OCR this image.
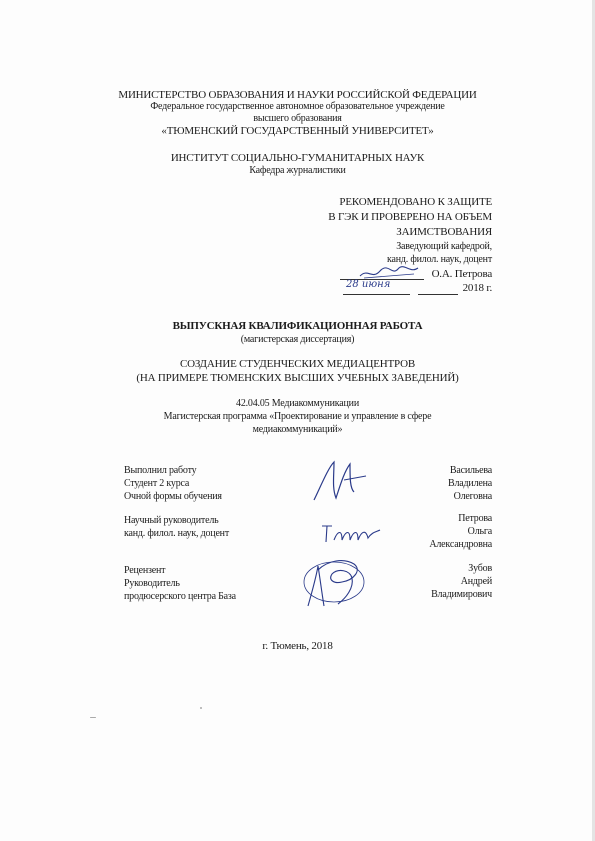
МИНИСТЕРСТВО ОБРАЗОВАНИЯ И НАУКИ РОССИЙСКОЙ ФЕДЕРАЦИИ
Федеральное государственное автономное образовательное учреждение
высшего образования
«ТЮМЕНСКИЙ ГОСУДАРСТВЕННЫЙ УНИВЕРСИТЕТ»
ИНСТИТУТ СОЦИАЛЬНО-ГУМАНИТАРНЫХ НАУК
Кафедра журналистики
РЕКОМЕНДОВАНО К ЗАЩИТЕ
В ГЭК И ПРОВЕРЕНО НА ОБЪЕМ
ЗАИМСТВОВАНИЯ
Заведующий кафедрой,
канд. филол. наук, доцент
О.А. Петрова
28 июня	2018 г.
ВЫПУСКНАЯ КВАЛИФИКАЦИОННАЯ РАБОТА
(магистерская диссертация)
СОЗДАНИЕ СТУДЕНЧЕСКИХ МЕДИАЦЕНТРОВ
(НА ПРИМЕРЕ ТЮМЕНСКИХ ВЫСШИХ УЧЕБНЫХ ЗАВЕДЕНИЙ)
42.04.05 Медиакоммуникации
Магистерская программа «Проектирование и управление в сфере
медиакоммуникаций»
Выполнил работу
Студент 2 курса
Очной формы обучения
Васильева
Владилена
Олеговна
Научный руководитель
канд. филол. наук, доцент
Петрова
Ольга
Александровна
Рецензент
Руководитель
продюсерского центра База
Зубов
Андрей
Владимирович
г. Тюмень, 2018
